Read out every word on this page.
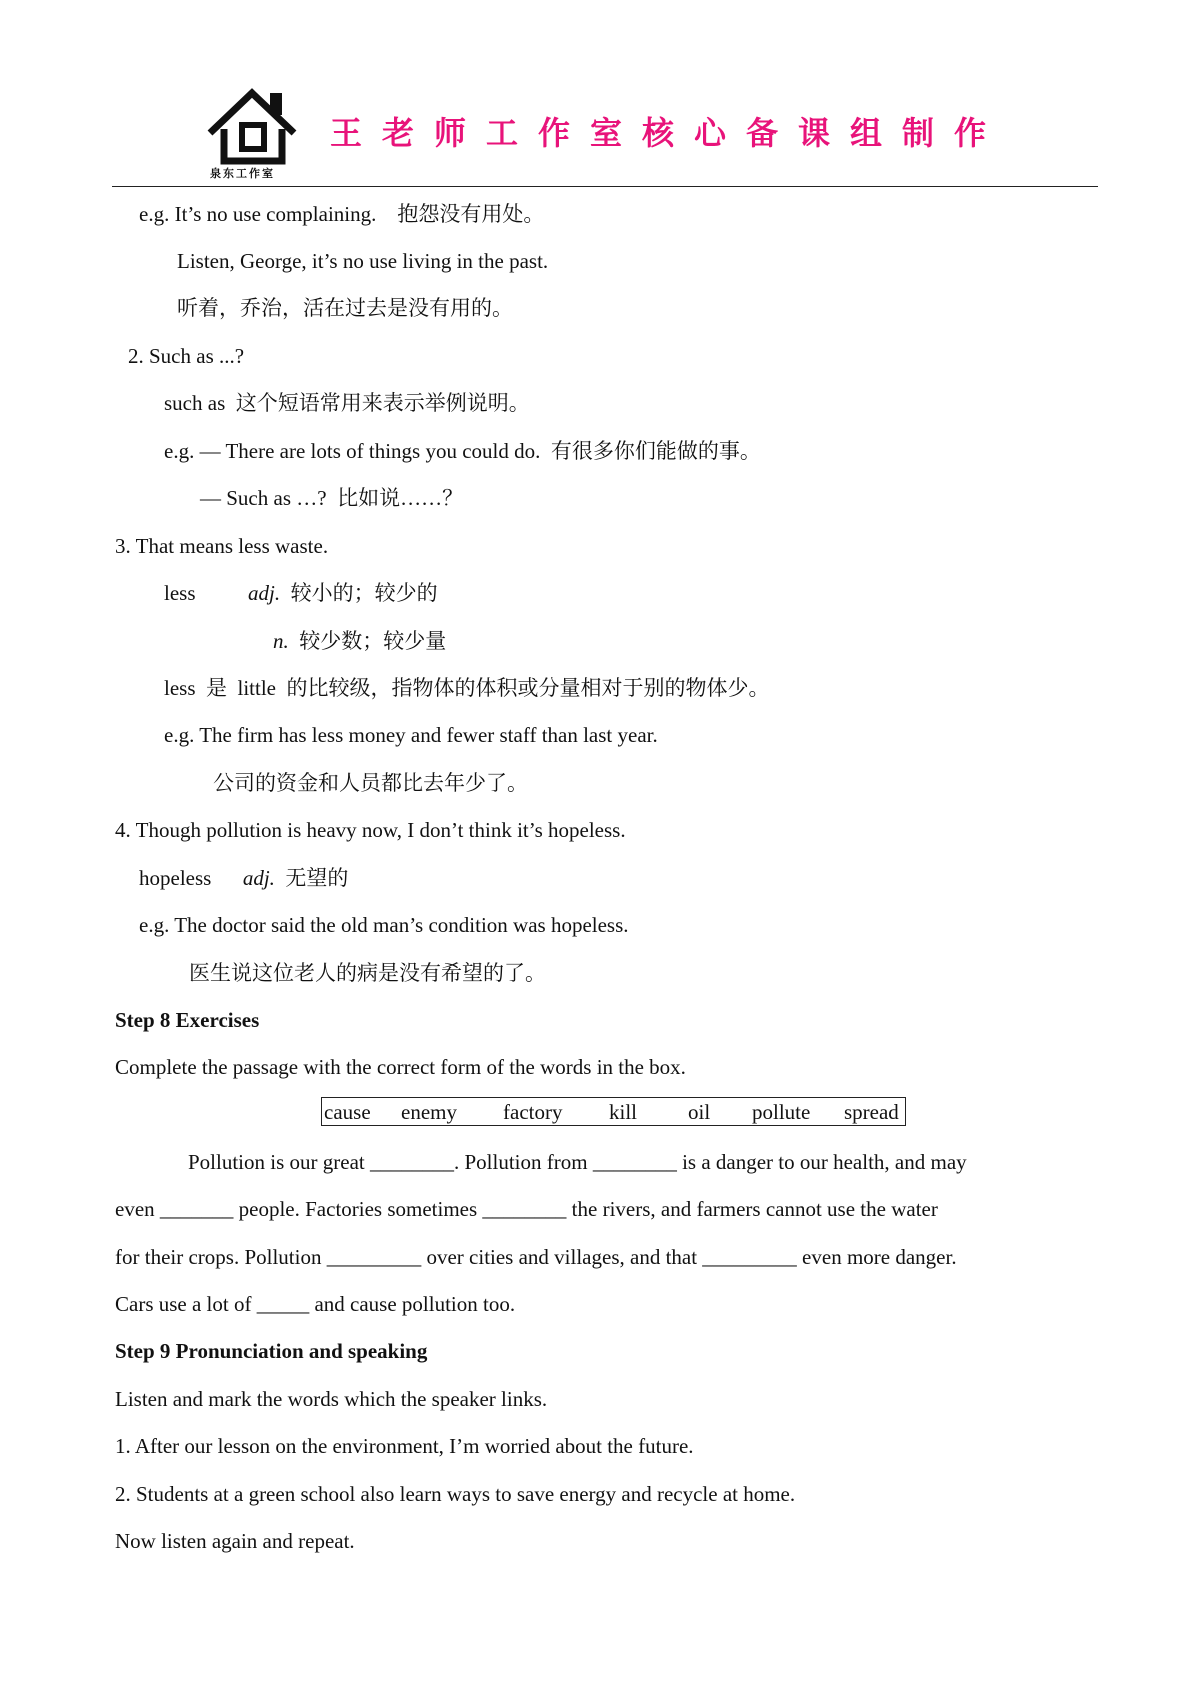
泉东工作室
王老师工作室核心备课组制作
e.g. It’s no use complaining. 抱怨没有用处。
Listen, George, it’s no use living in the past.
听着，乔治，活在过去是没有用的。
2. Such as ...?
such as 这个短语常用来表示举例说明。
e.g. — There are lots of things you could do. 有很多你们能做的事。
— Such as …? 比如说……？
3. That means less waste.
less	adj. 较小的；较少的
n. 较少数；较少量
less 是 little 的比较级，指物体的体积或分量相对于别的物体少。
e.g. The firm has less money and fewer staff than last year.
公司的资金和人员都比去年少了。
4. Though pollution is heavy now, I don’t think it’s hopeless.
hopeless adj. 无望的
e.g. The doctor said the old man’s condition was hopeless.
医生说这位老人的病是没有希望的了。
Step 8 Exercises
Complete the passage with the correct form of the words in the box.
cause enemy factory kill oil pollute spread
Pollution is our great ________. Pollution from ________ is a danger to our health, and may
even _______ people. Factories sometimes ________ the rivers, and farmers cannot use the water
for their crops. Pollution _________ over cities and villages, and that _________ even more danger.
Cars use a lot of _____ and cause pollution too.
Step 9 Pronunciation and speaking
Listen and mark the words which the speaker links.
1. After our lesson on the environment, I’m worried about the future.
2. Students at a green school also learn ways to save energy and recycle at home.
Now listen again and repeat.
